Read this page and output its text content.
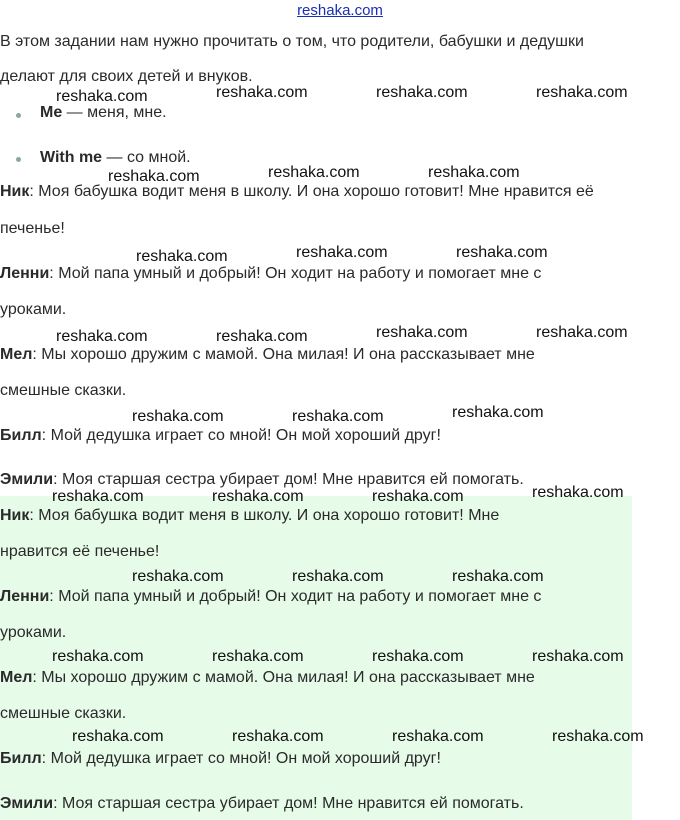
reshaka.com
В этом задании нам нужно прочитать о том, что родители, бабушки и дедушки
делают для своих детей и внуков.
Me — меня, мне.
With me — со мной.
Ник: Моя бабушка водит меня в школу. И она хорошо готовит! Мне нравится её
печенье!
Ленни: Мой папа умный и добрый! Он ходит на работу и помогает мне с
уроками.
Мел: Мы хорошо дружим с мамой. Она милая! И она рассказывает мне
смешные сказки.
Билл: Мой дедушка играет со мной! Он мой хороший друг!
Эмили: Моя старшая сестра убирает дом! Мне нравится ей помогать.
Ник: Моя бабушка водит меня в школу. И она хорошо готовит! Мне
нравится её печенье!
Ленни: Мой папа умный и добрый! Он ходит на работу и помогает мне с
уроками.
Мел: Мы хорошо дружим с мамой. Она милая! И она рассказывает мне
смешные сказки.
Билл: Мой дедушка играет со мной! Он мой хороший друг!
Эмили: Моя старшая сестра убирает дом! Мне нравится ей помогать.
reshaka.com	reshaka.com	reshaka.com	reshaka.com
reshaka.com	reshaka.com	reshaka.com
reshaka.com	reshaka.com	reshaka.com
reshaka.com	reshaka.com	reshaka.com	reshaka.com
reshaka.com	reshaka.com	reshaka.com
reshaka.com	reshaka.com	reshaka.com	reshaka.com
reshaka.com	reshaka.com	reshaka.com
reshaka.com	reshaka.com	reshaka.com	reshaka.com
reshaka.com	reshaka.com	reshaka.com	reshaka.com
